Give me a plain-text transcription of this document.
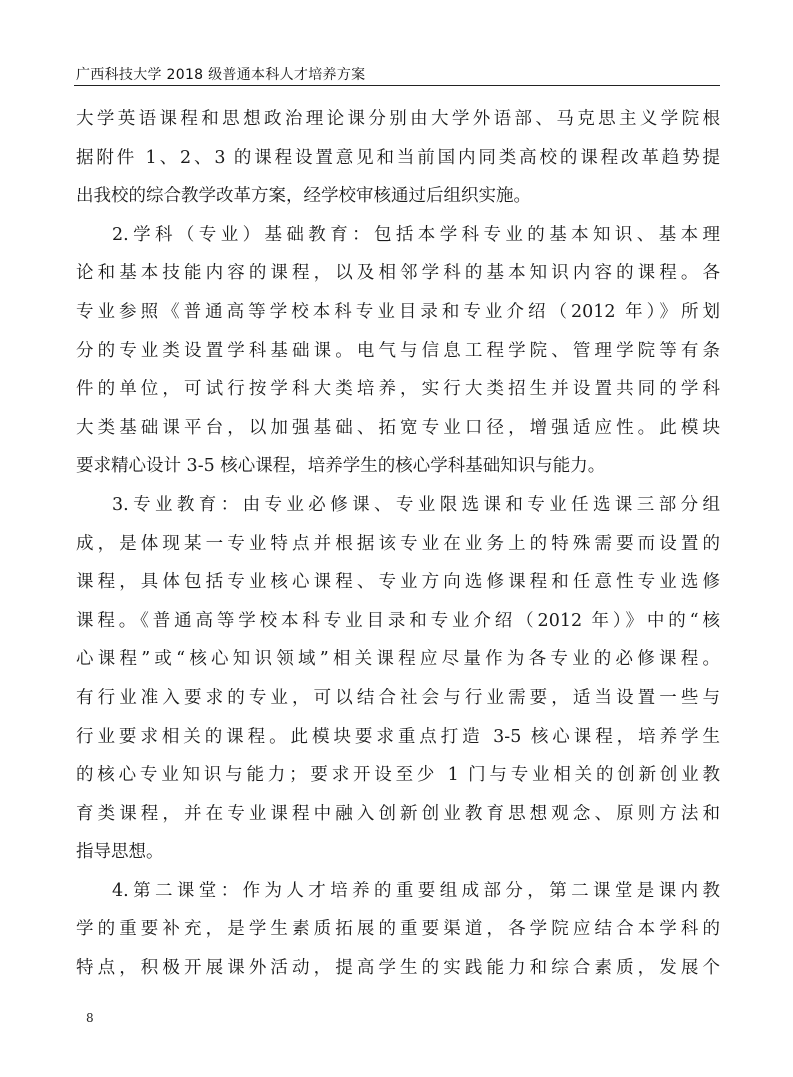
广西科技大学 2018 级普通本科人才培养方案
大学英语课程和思想政治理论课分别由大学外语部、马克思主义学院根
据附件 1、2、3 的课程设置意见和当前国内同类高校的课程改革趋势提
出我校的综合教学改革方案，经学校审核通过后组织实施。
2.学科（专业）基础教育：包括本学科专业的基本知识、基本理
论和基本技能内容的课程，以及相邻学科的基本知识内容的课程。各
专业参照《普通高等学校本科专业目录和专业介绍（2012 年）》所划
分的专业类设置学科基础课。电气与信息工程学院、管理学院等有条
件的单位，可试行按学科大类培养，实行大类招生并设置共同的学科
大类基础课平台，以加强基础、拓宽专业口径，增强适应性。此模块
要求精心设计 3-5 核心课程，培养学生的核心学科基础知识与能力。
3.专业教育：由专业必修课、专业限选课和专业任选课三部分组
成，是体现某一专业特点并根据该专业在业务上的特殊需要而设置的
课程，具体包括专业核心课程、专业方向选修课程和任意性专业选修
课程。《普通高等学校本科专业目录和专业介绍（2012 年）》中的“核
心课程”或“核心知识领域”相关课程应尽量作为各专业的必修课程。
有行业准入要求的专业，可以结合社会与行业需要，适当设置一些与
行业要求相关的课程。此模块要求重点打造 3-5 核心课程，培养学生
的核心专业知识与能力；要求开设至少 1 门与专业相关的创新创业教
育类课程，并在专业课程中融入创新创业教育思想观念、原则方法和
指导思想。
4.第二课堂：作为人才培养的重要组成部分，第二课堂是课内教
学的重要补充，是学生素质拓展的重要渠道，各学院应结合本学科的
特点，积极开展课外活动，提高学生的实践能力和综合素质，发展个
8
